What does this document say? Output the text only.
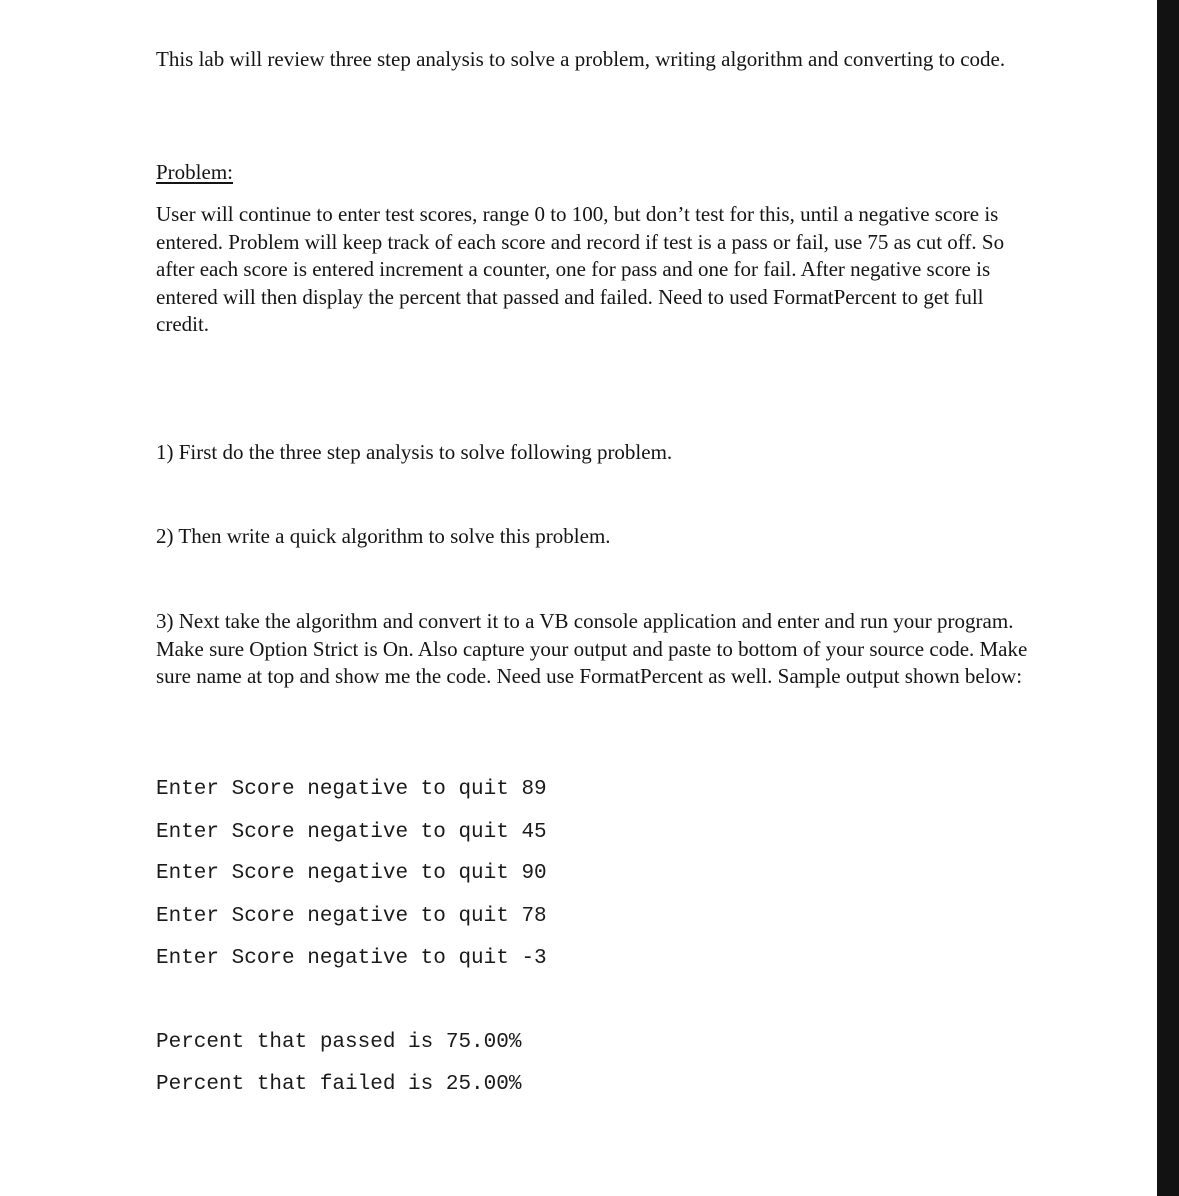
This lab will review three step analysis to solve a problem, writing algorithm and converting to code.

Problem:

User will continue to enter test scores, range 0 to 100, but don’t test for this, until a negative score is entered. Problem will keep track of each score and record if test is a pass or fail, use 75 as cut off. So after each score is entered increment a counter, one for pass and one for fail. After negative score is entered will then display the percent that passed and failed. Need to used FormatPercent to get full credit.

1) First do the three step analysis to solve following problem.

2) Then write a quick algorithm to solve this problem.

3) Next take the algorithm and convert it to a VB console application and enter and run your program. Make sure Option Strict is On. Also capture your output and paste to bottom of your source code. Make sure name at top and show me the code. Need use FormatPercent as well. Sample output shown below:

Enter Score negative to quit 89

Enter Score negative to quit 45

Enter Score negative to quit 90

Enter Score negative to quit 78

Enter Score negative to quit -3

Percent that passed is 75.00%

Percent that failed is 25.00%
